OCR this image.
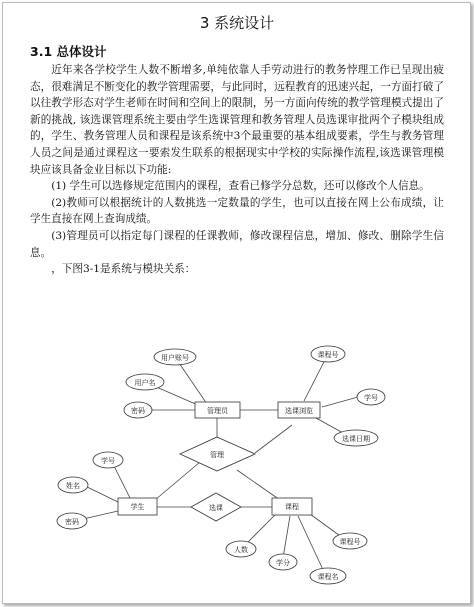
3 系统设计
3.1 总体设计

近年来各学校学生人数不断增多,单纯依靠人手劳动进行的教务悖理工作已呈现出疲态，很难满足不断变化的教学管理需要，与此同时，远程教育的迅速兴起，一方面打破了以往教学形态对学生老师在时间和空间上的限制，另一方面向传统的教学管理模式提出了新的挑战, 该选课管理系统主要由学生选课管理和教务管理人员选课审批两个子模块组成的，学生、教务管理人员和课程是该系统中3个最重要的基本组成要素，学生与教务管理人员之间是通过课程这一要索发生联系的根据现实中学校的实际操作流程,该选课管理模块应该具备金业目标以下功能:

(1) 学生可以选修规定范围内的课程，查看已修学分总数，还可以修改个人信息。

(2)教师可以根据统计的人数挑选一定数量的学生，也可以直接在网上公布成绩，让学生直接在网上查询成绩。

(3)管理员可以指定每门课程的任课教师，修改课程信息，增加、修改、删除学生信息。

，下图3-1是系统与模块关系：

管理员
用户账号
用户名
密码	选课浏览
课程号
学号
选课日期
管理
学生
学号
姓名
密码
选课	课程
人数
学分
课程号
课程名
